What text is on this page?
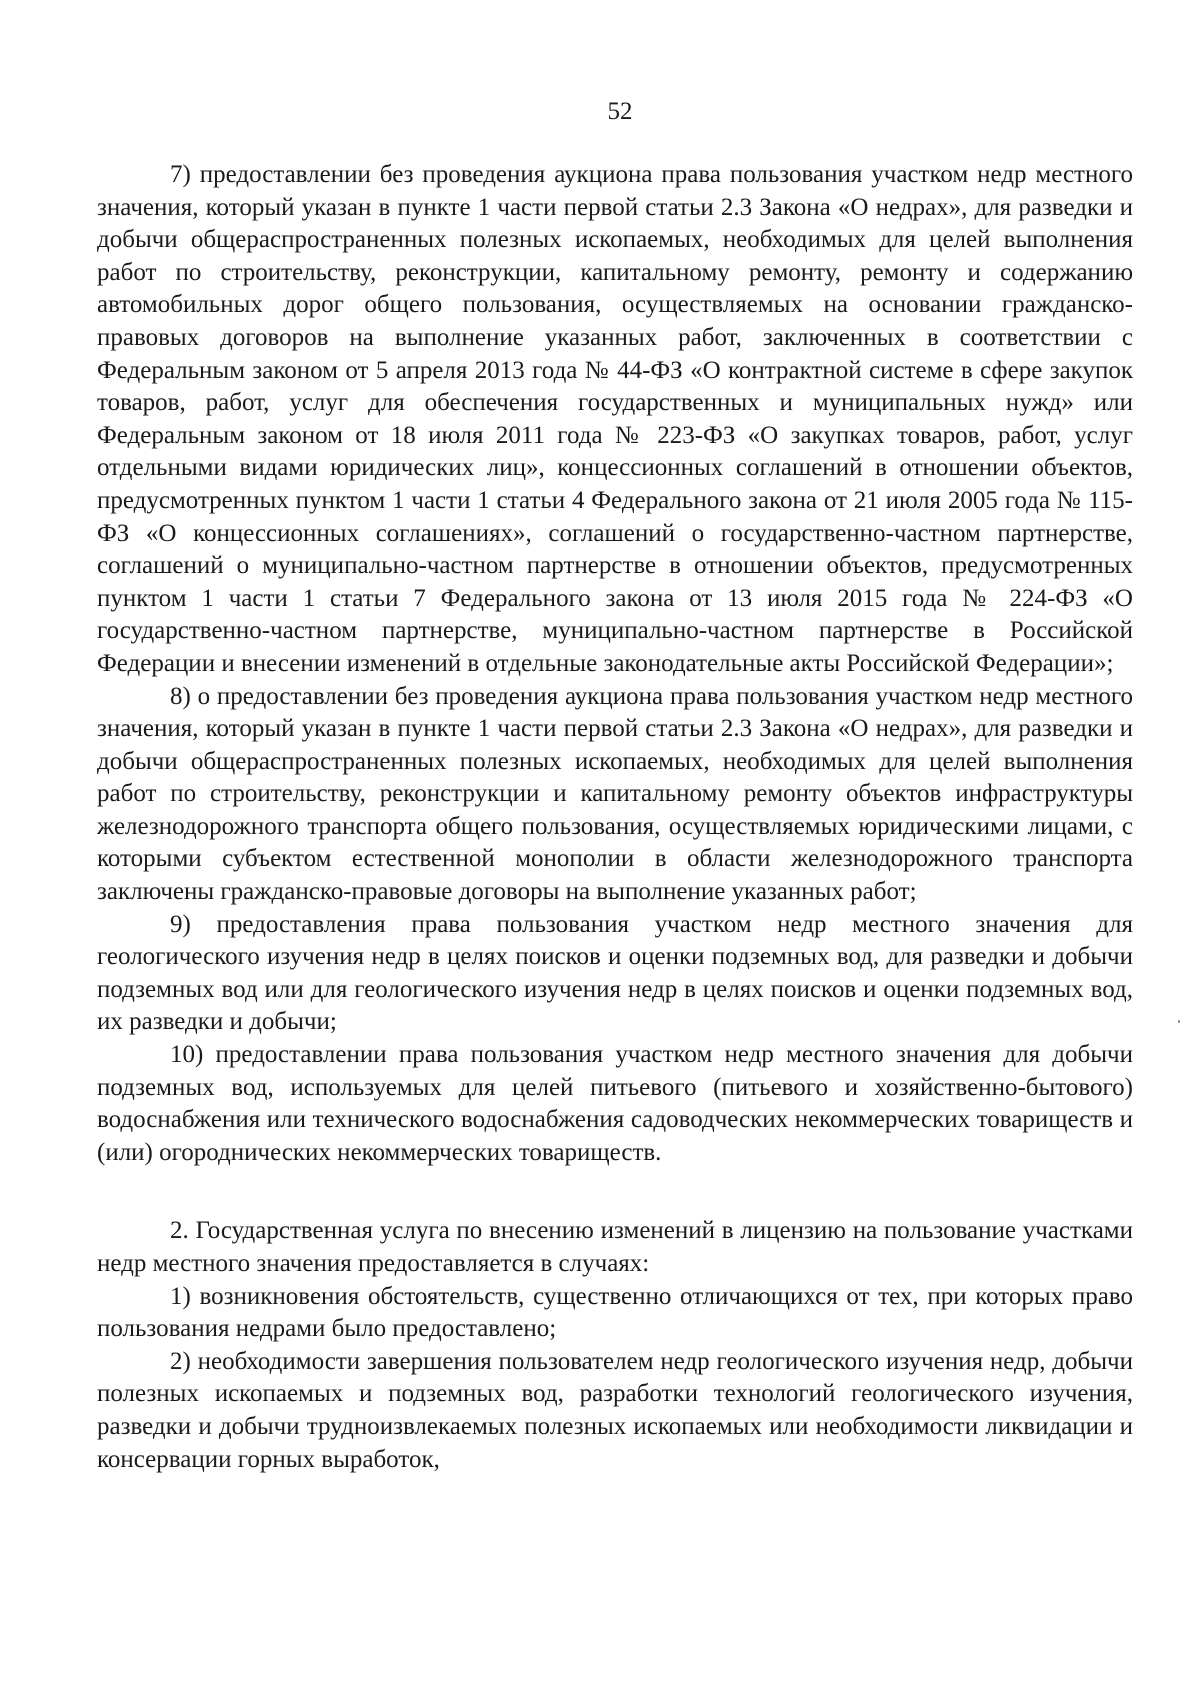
52

7) предоставлении без проведения аукциона права пользования участком недр местного значения, который указан в пункте 1 части первой статьи 2.3 Закона «О недрах», для разведки и добычи общераспространенных полезных ископаемых, необходимых для целей выполнения работ по строительству, реконструкции, капитальному ремонту, ремонту и содержанию автомобильных дорог общего пользования, осуществляемых на основании гражданско-правовых договоров на выполнение указанных работ, заключенных в соответствии с Федеральным законом от 5 апреля 2013 года № 44-ФЗ «О контрактной системе в сфере закупок товаров, работ, услуг для обеспечения государственных и муниципальных нужд» или Федеральным законом от 18 июля 2011 года № 223-ФЗ «О закупках товаров, работ, услуг отдельными видами юридических лиц», концессионных соглашений в отношении объектов, предусмотренных пунктом 1 части 1 статьи 4 Федерального закона от 21 июля 2005 года № 115-ФЗ «О концессионных соглашениях», соглашений о государственно-частном партнерстве, соглашений о муниципально-частном партнерстве в отношении объектов, предусмотренных пунктом 1 части 1 статьи 7 Федерального закона от 13 июля 2015 года № 224-ФЗ «О государственно-частном партнерстве, муниципально-частном партнерстве в Российской Федерации и внесении изменений в отдельные законодательные акты Российской Федерации»;

8) о предоставлении без проведения аукциона права пользования участком недр местного значения, который указан в пункте 1 части первой статьи 2.3 Закона «О недрах», для разведки и добычи общераспространенных полезных ископаемых, необходимых для целей выполнения работ по строительству, реконструкции и капитальному ремонту объектов инфраструктуры железнодорожного транспорта общего пользования, осуществляемых юридическими лицами, с которыми субъектом естественной монополии в области железнодорожного транспорта заключены гражданско-правовые договоры на выполнение указанных работ;

9) предоставления права пользования участком недр местного значения для геологического изучения недр в целях поисков и оценки подземных вод, для разведки и добычи подземных вод или для геологического изучения недр в целях поисков и оценки подземных вод, их разведки и добычи;

10) предоставлении права пользования участком недр местного значения для добычи подземных вод, используемых для целей питьевого (питьевого и хозяйственно-бытового) водоснабжения или технического водоснабжения садоводческих некоммерческих товариществ и (или) огороднических некоммерческих товариществ.

2. Государственная услуга по внесению изменений в лицензию на пользование участками недр местного значения предоставляется в случаях:

1) возникновения обстоятельств, существенно отличающихся от тех, при которых право пользования недрами было предоставлено;

2) необходимости завершения пользователем недр геологического изучения недр, добычи полезных ископаемых и подземных вод, разработки технологий геологического изучения, разведки и добычи трудноизвлекаемых полезных ископаемых или необходимости ликвидации и консервации горных выработок,
